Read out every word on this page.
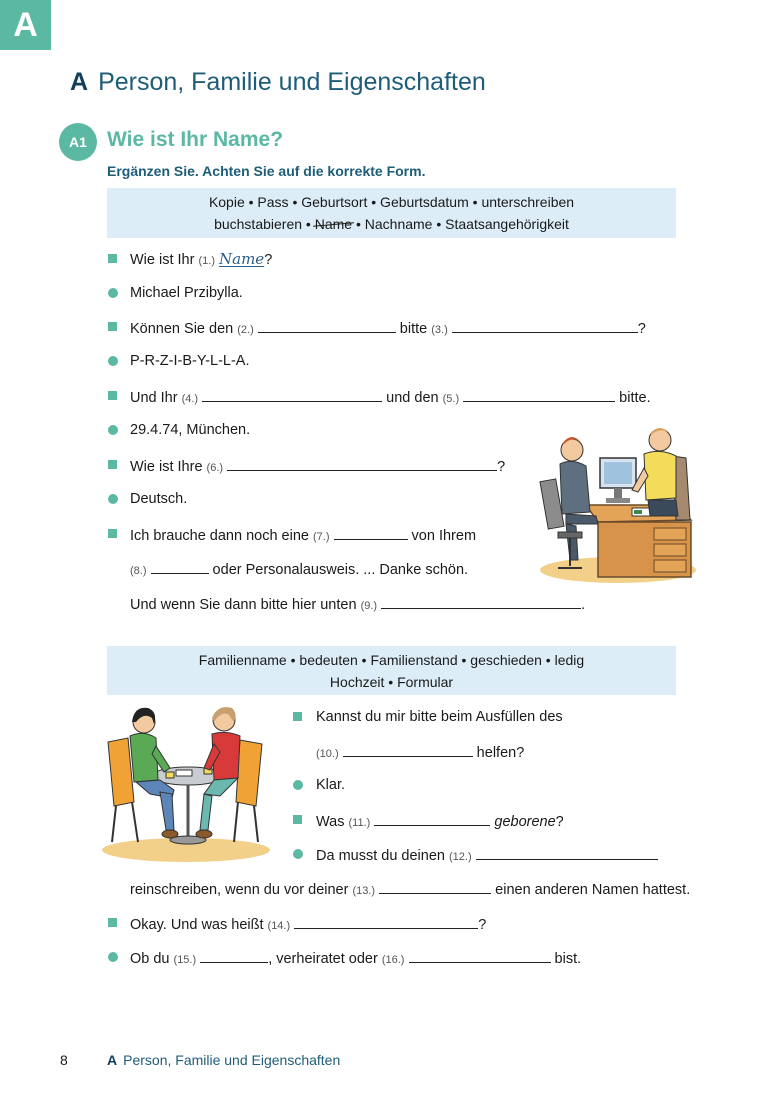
A
A Person, Familie und Eigenschaften
A1 Wie ist Ihr Name?
Ergänzen Sie. Achten Sie auf die korrekte Form.
Kopie • Pass • Geburtsort • Geburtsdatum • unterschreiben
buchstabieren • Name • Nachname • Staatsangehörigkeit
Wie ist Ihr (1.) Name?
Michael Przibylla.
Können Sie den (2.)	bitte (3.)	?
P-R-Z-I-B-Y-L-L-A.
Und Ihr (4.)	und den (5.)	bitte.
29.4.74, München.
Wie ist Ihre (6.)	?
Deutsch.
Ich brauche dann noch eine (7.)	von Ihrem
(8.)	oder Personalausweis. ... Danke schön.
Und wenn Sie dann bitte hier unten (9.)	.
Familienname • bedeuten • Familienstand • geschieden • ledig
Hochzeit • Formular
Kannst du mir bitte beim Ausfüllen des
(10.)	helfen?
Klar.
Was (11.)	geborene?
Da musst du deinen (12.)
reinschreiben, wenn du vor deiner (13.)	einen anderen Namen hattest.
Okay. Und was heißt (14.)	?
Ob du (15.)	, verheiratet oder (16.)	bist.
8	A Person, Familie und Eigenschaften
